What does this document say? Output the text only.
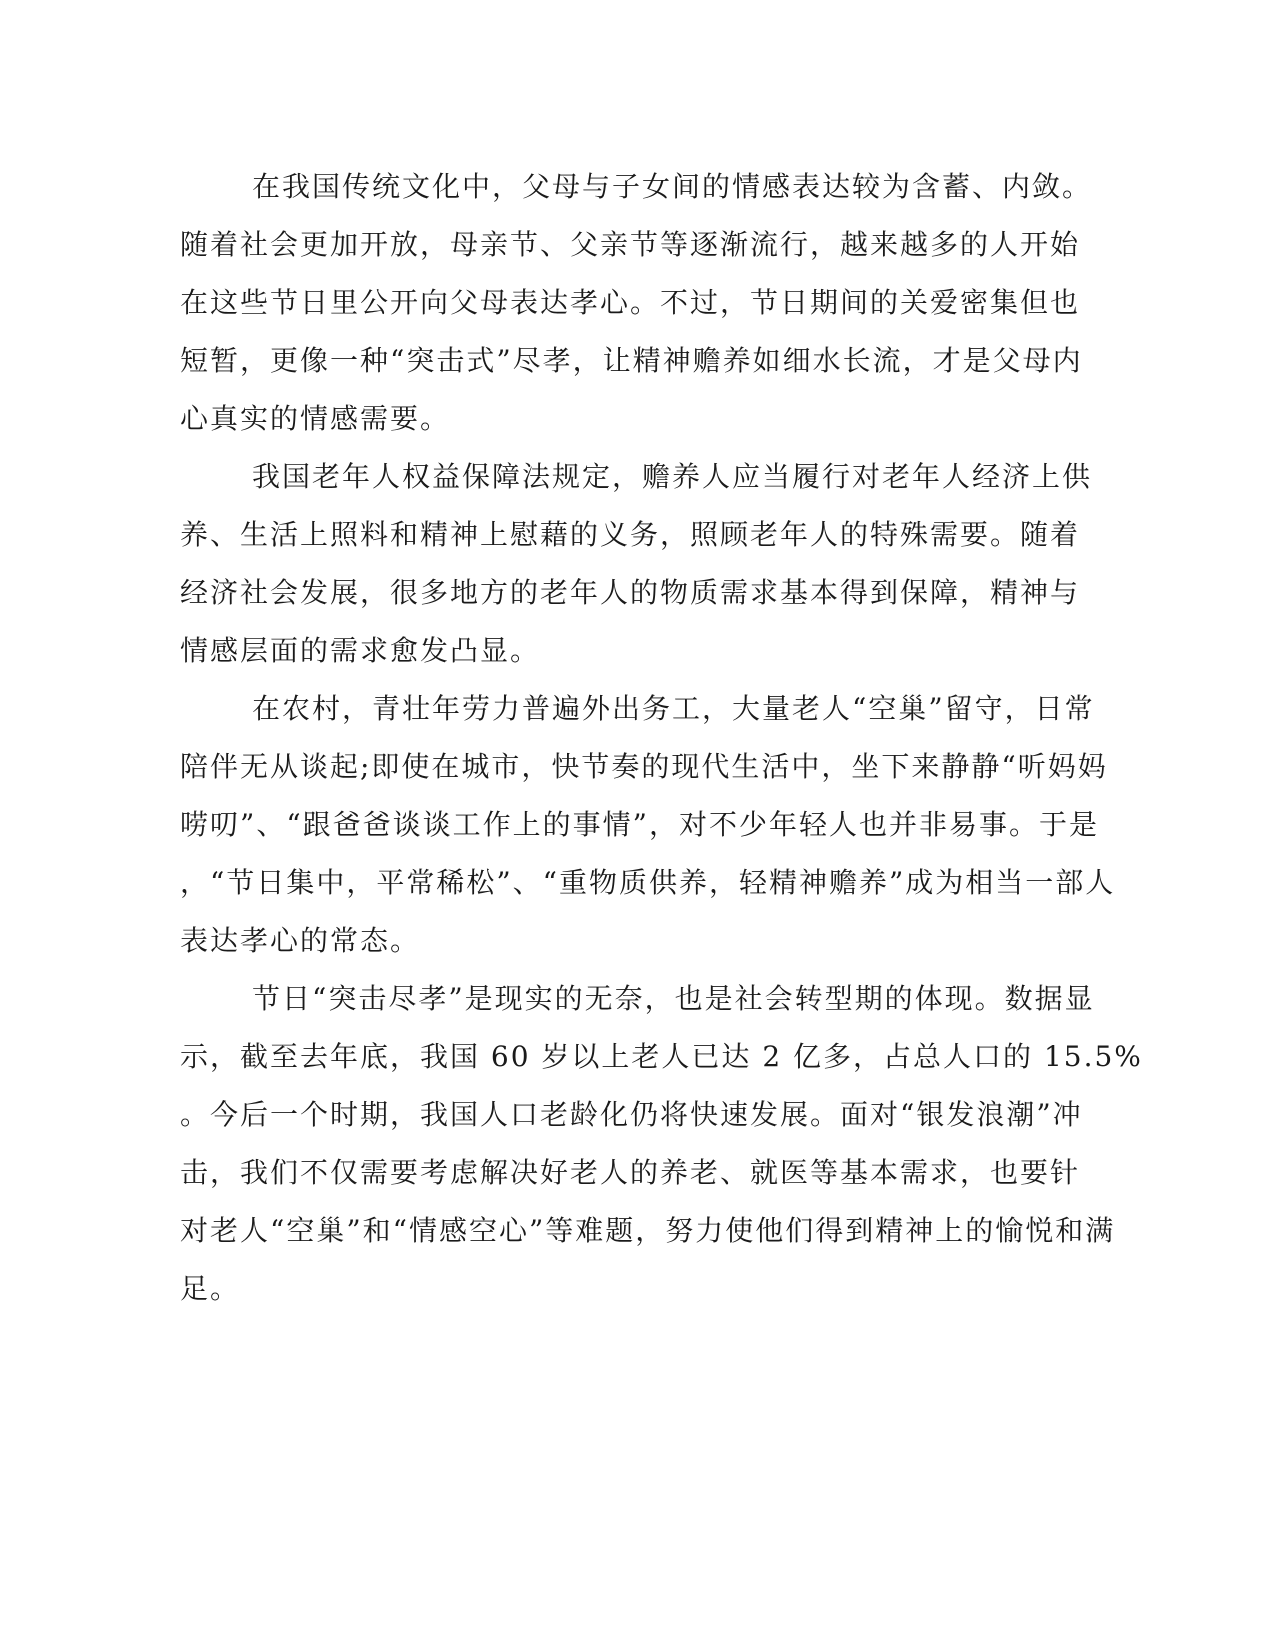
在我国传统文化中，父母与子女间的情感表达较为含蓄、内敛。
随着社会更加开放，母亲节、父亲节等逐渐流行，越来越多的人开始
在这些节日里公开向父母表达孝心。不过，节日期间的关爱密集但也
短暂，更像一种“突击式”尽孝，让精神赡养如细水长流，才是父母内
心真实的情感需要。
我国老年人权益保障法规定，赡养人应当履行对老年人经济上供
养、生活上照料和精神上慰藉的义务，照顾老年人的特殊需要。随着
经济社会发展，很多地方的老年人的物质需求基本得到保障，精神与
情感层面的需求愈发凸显。
在农村，青壮年劳力普遍外出务工，大量老人“空巢”留守，日常
陪伴无从谈起;即使在城市，快节奏的现代生活中，坐下来静静“听妈妈
唠叨”、“跟爸爸谈谈工作上的事情”，对不少年轻人也并非易事。于是
，“节日集中，平常稀松”、“重物质供养，轻精神赡养”成为相当一部人
表达孝心的常态。
节日“突击尽孝”是现实的无奈，也是社会转型期的体现。数据显
示，截至去年底，我国 60 岁以上老人已达 2 亿多，占总人口的 15.5%
。今后一个时期，我国人口老龄化仍将快速发展。面对“银发浪潮”冲
击，我们不仅需要考虑解决好老人的养老、就医等基本需求，也要针
对老人“空巢”和“情感空心”等难题，努力使他们得到精神上的愉悦和满
足。
